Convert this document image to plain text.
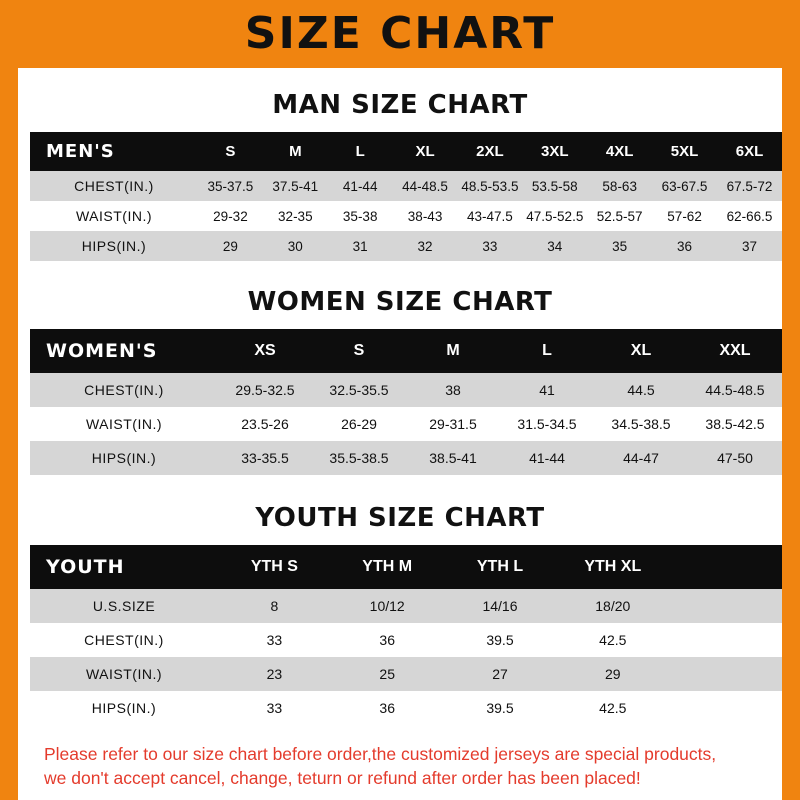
SIZE CHART
MAN SIZE CHART
MEN'S	S	M	L	XL	2XL	3XL	4XL	5XL	6XL
CHEST(IN.)	35-37.5	37.5-41	41-44	44-48.5	48.5-53.5	53.5-58	58-63	63-67.5	67.5-72
WAIST(IN.)	29-32	32-35	35-38	38-43	43-47.5	47.5-52.5	52.5-57	57-62	62-66.5
HIPS(IN.)	29	30	31	32	33	34	35	36	37
WOMEN SIZE CHART
WOMEN'S	XS	S	M	L	XL	XXL
CHEST(IN.)	29.5-32.5	32.5-35.5	38	41	44.5	44.5-48.5
WAIST(IN.)	23.5-26	26-29	29-31.5	31.5-34.5	34.5-38.5	38.5-42.5
HIPS(IN.)	33-35.5	35.5-38.5	38.5-41	41-44	44-47	47-50
YOUTH SIZE CHART
YOUTH	YTH S	YTH M	YTH L	YTH XL	
U.S.SIZE	8	10/12	14/16	18/20	
CHEST(IN.)	33	36	39.5	42.5	
WAIST(IN.)	23	25	27	29	
HIPS(IN.)	33	36	39.5	42.5	
Please refer to our size chart before order,the customized jerseys are special products,
we don't accept cancel, change, teturn or refund after order has been placed!
